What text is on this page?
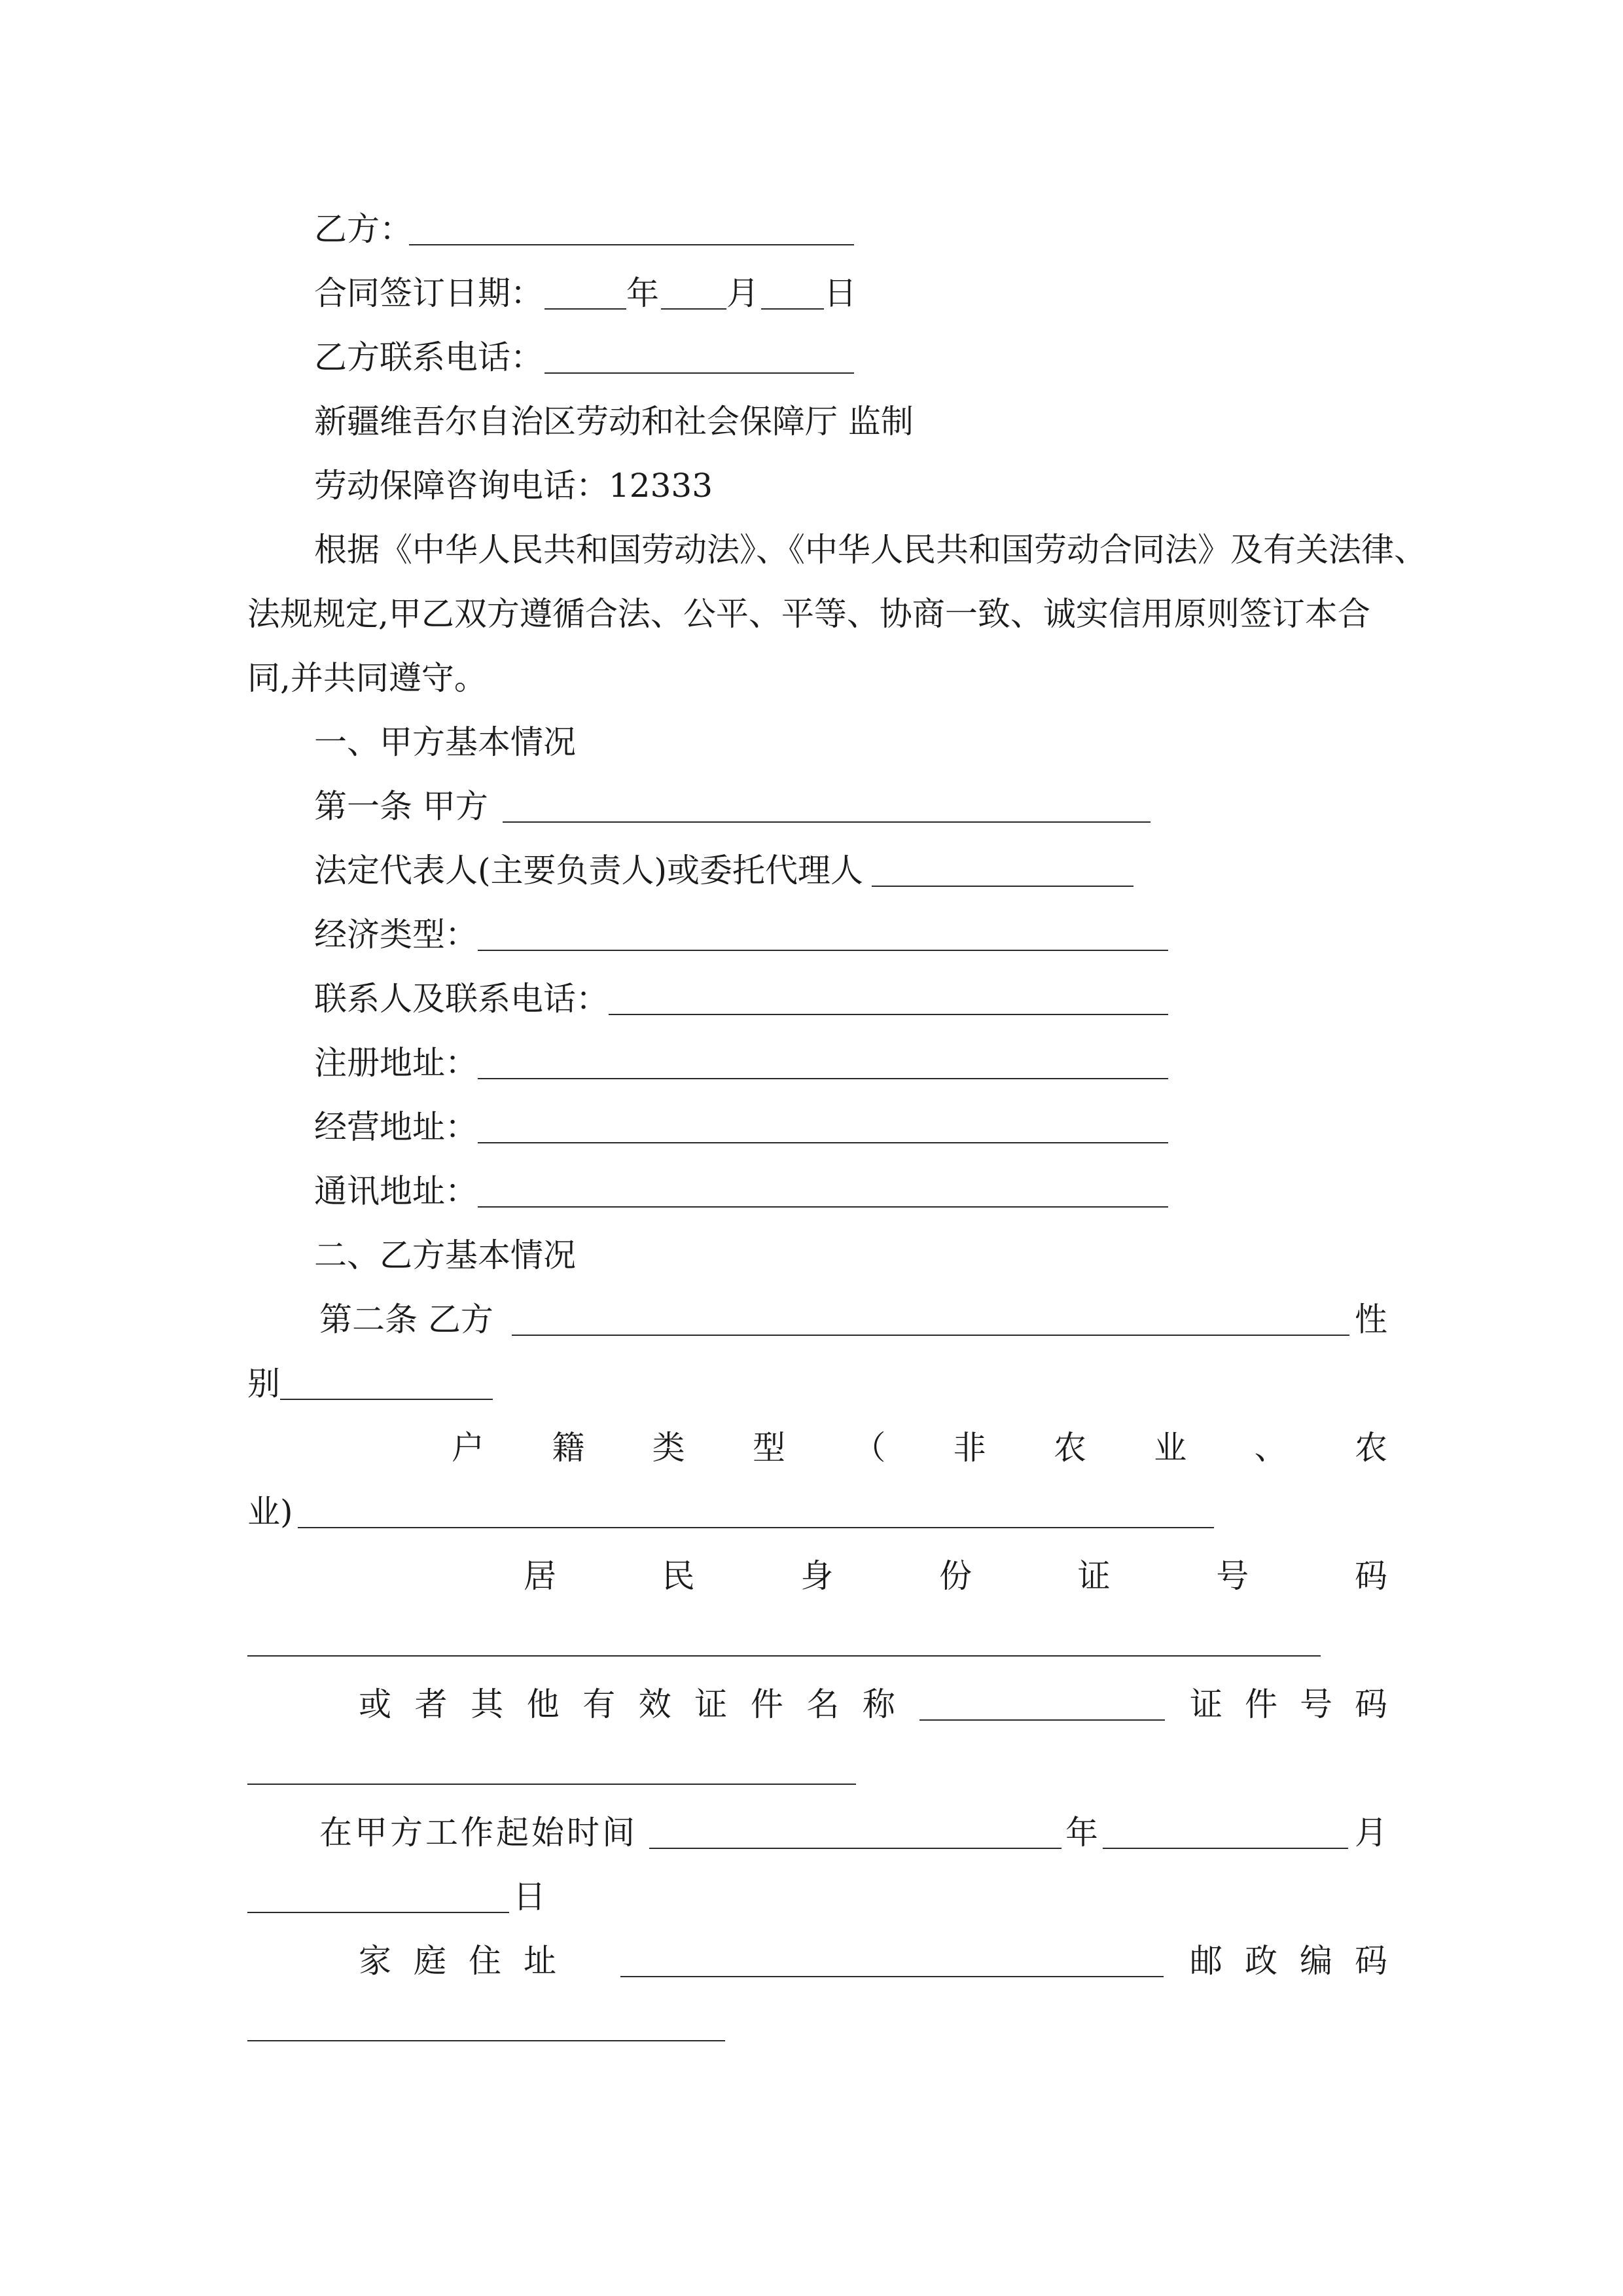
乙方：
合同签订日期：	年 月 日
乙方联系电话：
新疆维吾尔自治区劳动和社会保障厅 监制
劳动保障咨询电话：12333
根据《中华人民共和国劳动法》、《中华人民共和国劳动合同法》及有关法律、
法规规定,甲乙双方遵循合法、公平、平等、协商一致、诚实信用原则签订本合
同,并共同遵守。
一、甲方基本情况
第一条 甲方
法定代表人(主要负责人)或委托代理人
经济类型：
联系人及联系电话：
注册地址：
经营地址：
通讯地址：
二、乙方基本情况
第二条 乙方	性
别
户 籍 类 型 （ 非 农 业 、 农
业)
居	民	身	份	证	号	码
或 者 其 他 有 效 证 件 名 称	证 件 号 码
在甲方工作起始时间	年	月
日
家 庭 住 址	邮 政 编 码
